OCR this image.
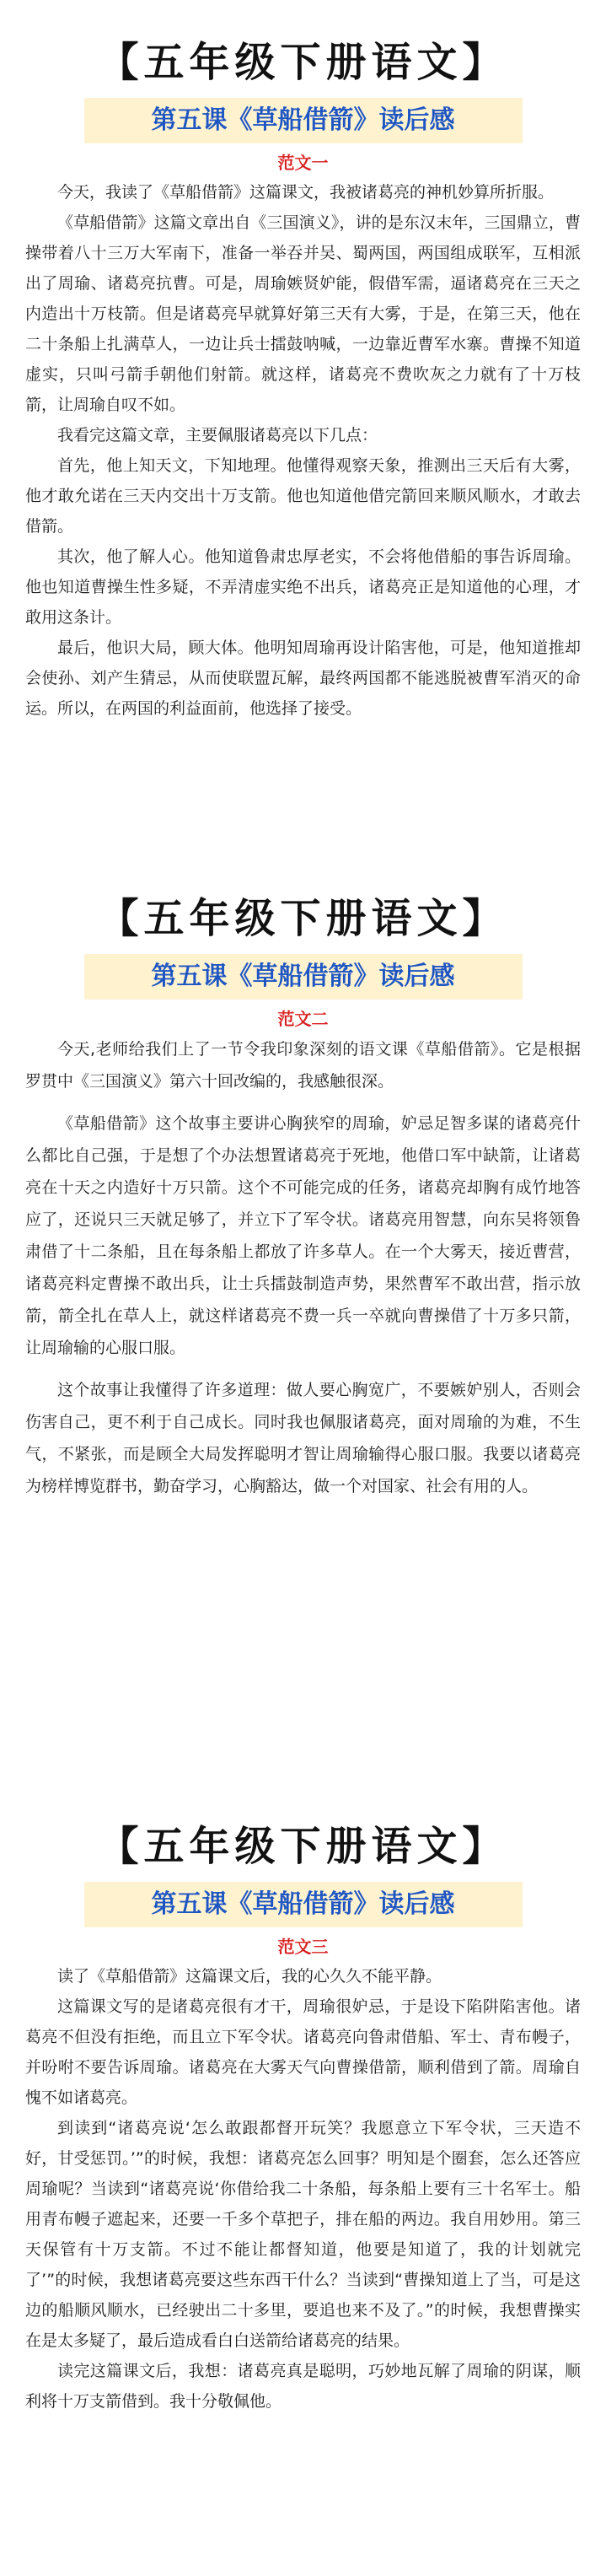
【五年级下册语文】
第五课《草船借箭》读后感
范文一

今天，我读了《草船借箭》这篇课文，我被诸葛亮的神机妙算所折服。

《草船借箭》这篇文章出自《三国演义》，讲的是东汉末年，三国鼎立，曹操带着八十三万大军南下，准备一举吞并吴、蜀两国，两国组成联军，互相派出了周瑜、诸葛亮抗曹。可是，周瑜嫉贤妒能，假借军需，逼诸葛亮在三天之内造出十万枝箭。但是诸葛亮早就算好第三天有大雾，于是，在第三天，他在二十条船上扎满草人，一边让兵士擂鼓呐喊，一边靠近曹军水寨。曹操不知道虚实，只叫弓箭手朝他们射箭。就这样，诸葛亮不费吹灰之力就有了十万枝箭，让周瑜自叹不如。

我看完这篇文章，主要佩服诸葛亮以下几点：

首先，他上知天文，下知地理。他懂得观察天象，推测出三天后有大雾，他才敢允诺在三天内交出十万支箭。他也知道他借完箭回来顺风顺水，才敢去借箭。

其次，他了解人心。他知道鲁肃忠厚老实，不会将他借船的事告诉周瑜。他也知道曹操生性多疑，不弄清虚实绝不出兵，诸葛亮正是知道他的心理，才敢用这条计。

最后，他识大局，顾大体。他明知周瑜再设计陷害他，可是，他知道推却会使孙、刘产生猜忌，从而使联盟瓦解，最终两国都不能逃脱被曹军消灭的命运。所以，在两国的利益面前，他选择了接受。

【五年级下册语文】
第五课《草船借箭》读后感
范文二

今天,老师给我们上了一节令我印象深刻的语文课《草船借箭》。它是根据罗贯中《三国演义》第六十回改编的，我感触很深。

《草船借箭》这个故事主要讲心胸狭窄的周瑜，妒忌足智多谋的诸葛亮什么都比自己强，于是想了个办法想置诸葛亮于死地，他借口军中缺箭，让诸葛亮在十天之内造好十万只箭。这个不可能完成的任务，诸葛亮却胸有成竹地答应了，还说只三天就足够了，并立下了军令状。诸葛亮用智慧，向东吴将领鲁肃借了十二条船，且在每条船上都放了许多草人。在一个大雾天，接近曹营，诸葛亮料定曹操不敢出兵，让士兵擂鼓制造声势，果然曹军不敢出营，指示放箭，箭全扎在草人上，就这样诸葛亮不费一兵一卒就向曹操借了十万多只箭，让周瑜输的心服口服。

这个故事让我懂得了许多道理：做人要心胸宽广，不要嫉妒别人，否则会伤害自己，更不利于自己成长。同时我也佩服诸葛亮，面对周瑜的为难，不生气，不紧张，而是顾全大局发挥聪明才智让周瑜输得心服口服。我要以诸葛亮为榜样博览群书，勤奋学习，心胸豁达，做一个对国家、社会有用的人。

【五年级下册语文】
第五课《草船借箭》读后感
范文三

读了《草船借箭》这篇课文后，我的心久久不能平静。

这篇课文写的是诸葛亮很有才干，周瑜很妒忌，于是设下陷阱陷害他。诸葛亮不但没有拒绝，而且立下军令状。诸葛亮向鲁肃借船、军士、青布幔子，并吩咐不要告诉周瑜。诸葛亮在大雾天气向曹操借箭，顺利借到了箭。周瑜自愧不如诸葛亮。

到读到“诸葛亮说‘怎么敢跟都督开玩笑？我愿意立下军令状，三天造不好，甘受惩罚。’”的时候，我想：诸葛亮怎么回事？明知是个圈套，怎么还答应周瑜呢？当读到“诸葛亮说‘你借给我二十条船，每条船上要有三十名军士。船用青布幔子遮起来，还要一千多个草把子，排在船的两边。我自用妙用。第三天保管有十万支箭。不过不能让都督知道，他要是知道了，我的计划就完了’”的时候，我想诸葛亮要这些东西干什么？当读到“曹操知道上了当，可是这边的船顺风顺水，已经驶出二十多里，要追也来不及了。”的时候，我想曹操实在是太多疑了，最后造成看白白送箭给诸葛亮的结果。

读完这篇课文后，我想：诸葛亮真是聪明，巧妙地瓦解了周瑜的阴谋，顺利将十万支箭借到。我十分敬佩他。
